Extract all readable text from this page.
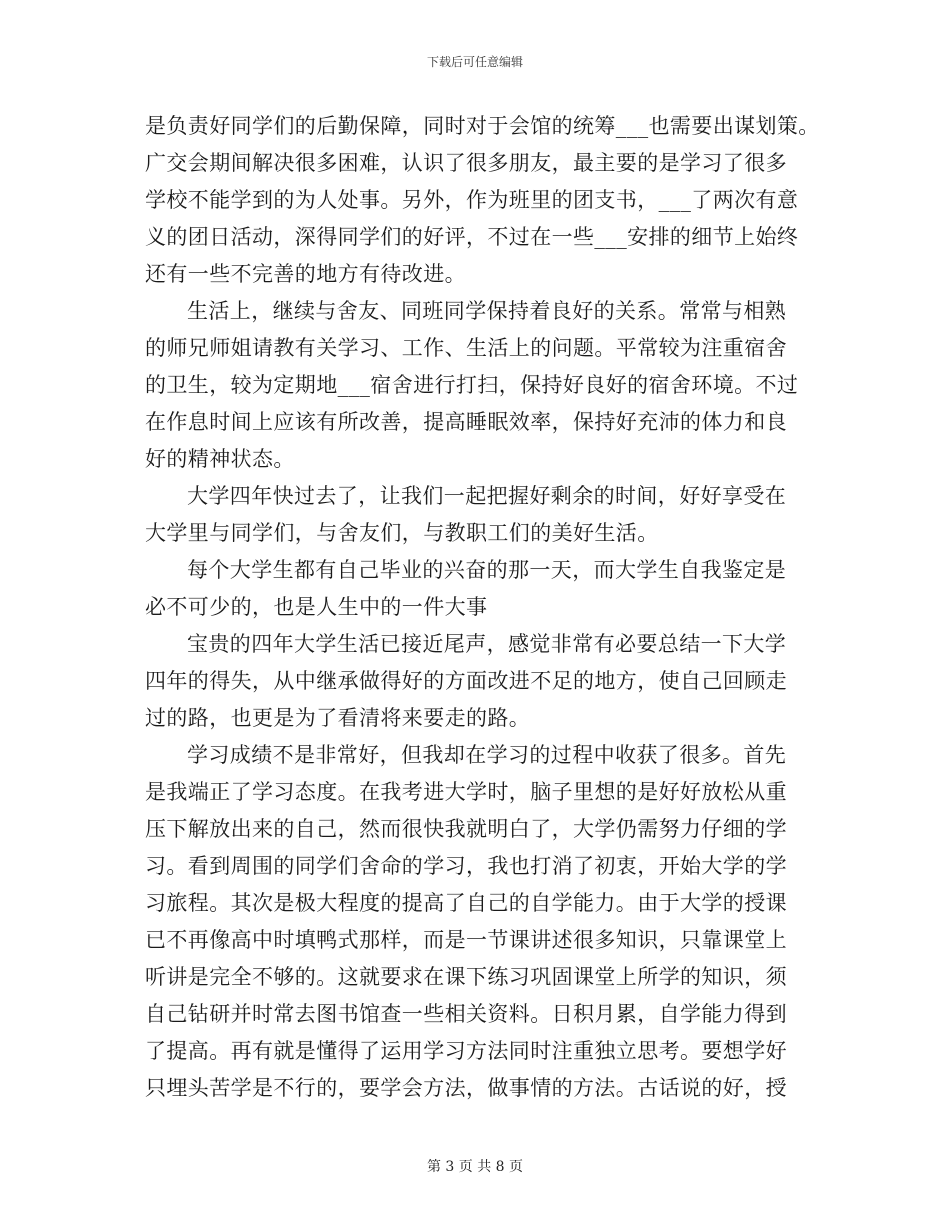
下载后可任意编辑
是负责好同学们的后勤保障，同时对于会馆的统筹___也需要出谋划策。
广交会期间解决很多困难，认识了很多朋友，最主要的是学习了很多
学校不能学到的为人处事。另外，作为班里的团支书，___了两次有意
义的团日活动，深得同学们的好评，不过在一些___安排的细节上始终
还有一些不完善的地方有待改进。
生活上，继续与舍友、同班同学保持着良好的关系。常常与相熟
的师兄师姐请教有关学习、工作、生活上的问题。平常较为注重宿舍
的卫生，较为定期地___宿舍进行打扫，保持好良好的宿舍环境。不过
在作息时间上应该有所改善，提高睡眠效率，保持好充沛的体力和良
好的精神状态。
大学四年快过去了，让我们一起把握好剩余的时间，好好享受在
大学里与同学们，与舍友们，与教职工们的美好生活。
每个大学生都有自己毕业的兴奋的那一天，而大学生自我鉴定是
必不可少的，也是人生中的一件大事
宝贵的四年大学生活已接近尾声，感觉非常有必要总结一下大学
四年的得失，从中继承做得好的方面改进不足的地方，使自己回顾走
过的路，也更是为了看清将来要走的路。
学习成绩不是非常好，但我却在学习的过程中收获了很多。首先
是我端正了学习态度。在我考进大学时，脑子里想的是好好放松从重
压下解放出来的自己，然而很快我就明白了，大学仍需努力仔细的学
习。看到周围的同学们舍命的学习，我也打消了初衷，开始大学的学
习旅程。其次是极大程度的提高了自己的自学能力。由于大学的授课
已不再像高中时填鸭式那样，而是一节课讲述很多知识，只靠课堂上
听讲是完全不够的。这就要求在课下练习巩固课堂上所学的知识，须
自己钻研并时常去图书馆查一些相关资料。日积月累，自学能力得到
了提高。再有就是懂得了运用学习方法同时注重独立思考。要想学好
只埋头苦学是不行的，要学会方法，做事情的方法。古话说的好，授
第 3 页 共 8 页
